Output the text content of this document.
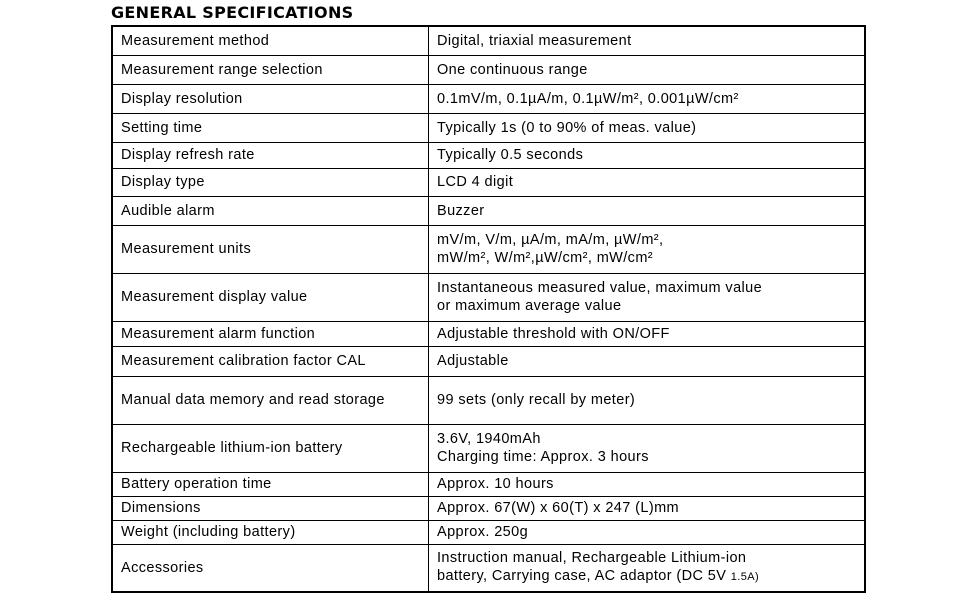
GENERAL SPECIFICATIONS
Measurement method	Digital, triaxial measurement

Measurement range selection	One continuous range

Display resolution	0.1mV/m, 0.1µA/m, 0.1µW/m², 0.001µW/cm²

Setting time	Typically 1s (0 to 90% of meas. value)

Display refresh rate	Typically 0.5 seconds

Display type	LCD 4 digit

Audible alarm	Buzzer

Measurement units	mV/m, V/m, µA/m, mA/m, µW/m²,
mW/m², W/m²,µW/cm², mW/cm²

Measurement display value	Instantaneous measured value, maximum value
or maximum average value

Measurement alarm function	Adjustable threshold with ON/OFF

Measurement calibration factor CAL	Adjustable

Manual data memory and read storage	99 sets (only recall by meter)

Rechargeable lithium-ion battery	3.6V, 1940mAh
Charging time: Approx. 3 hours

Battery operation time	Approx. 10 hours

Dimensions	Approx. 67(W) x 60(T) x 247 (L)mm

Weight (including battery)	Approx. 250g

Accessories	Instruction manual, Rechargeable Lithium-ion
battery, Carrying case, AC adaptor (DC 5V 1.5A)
